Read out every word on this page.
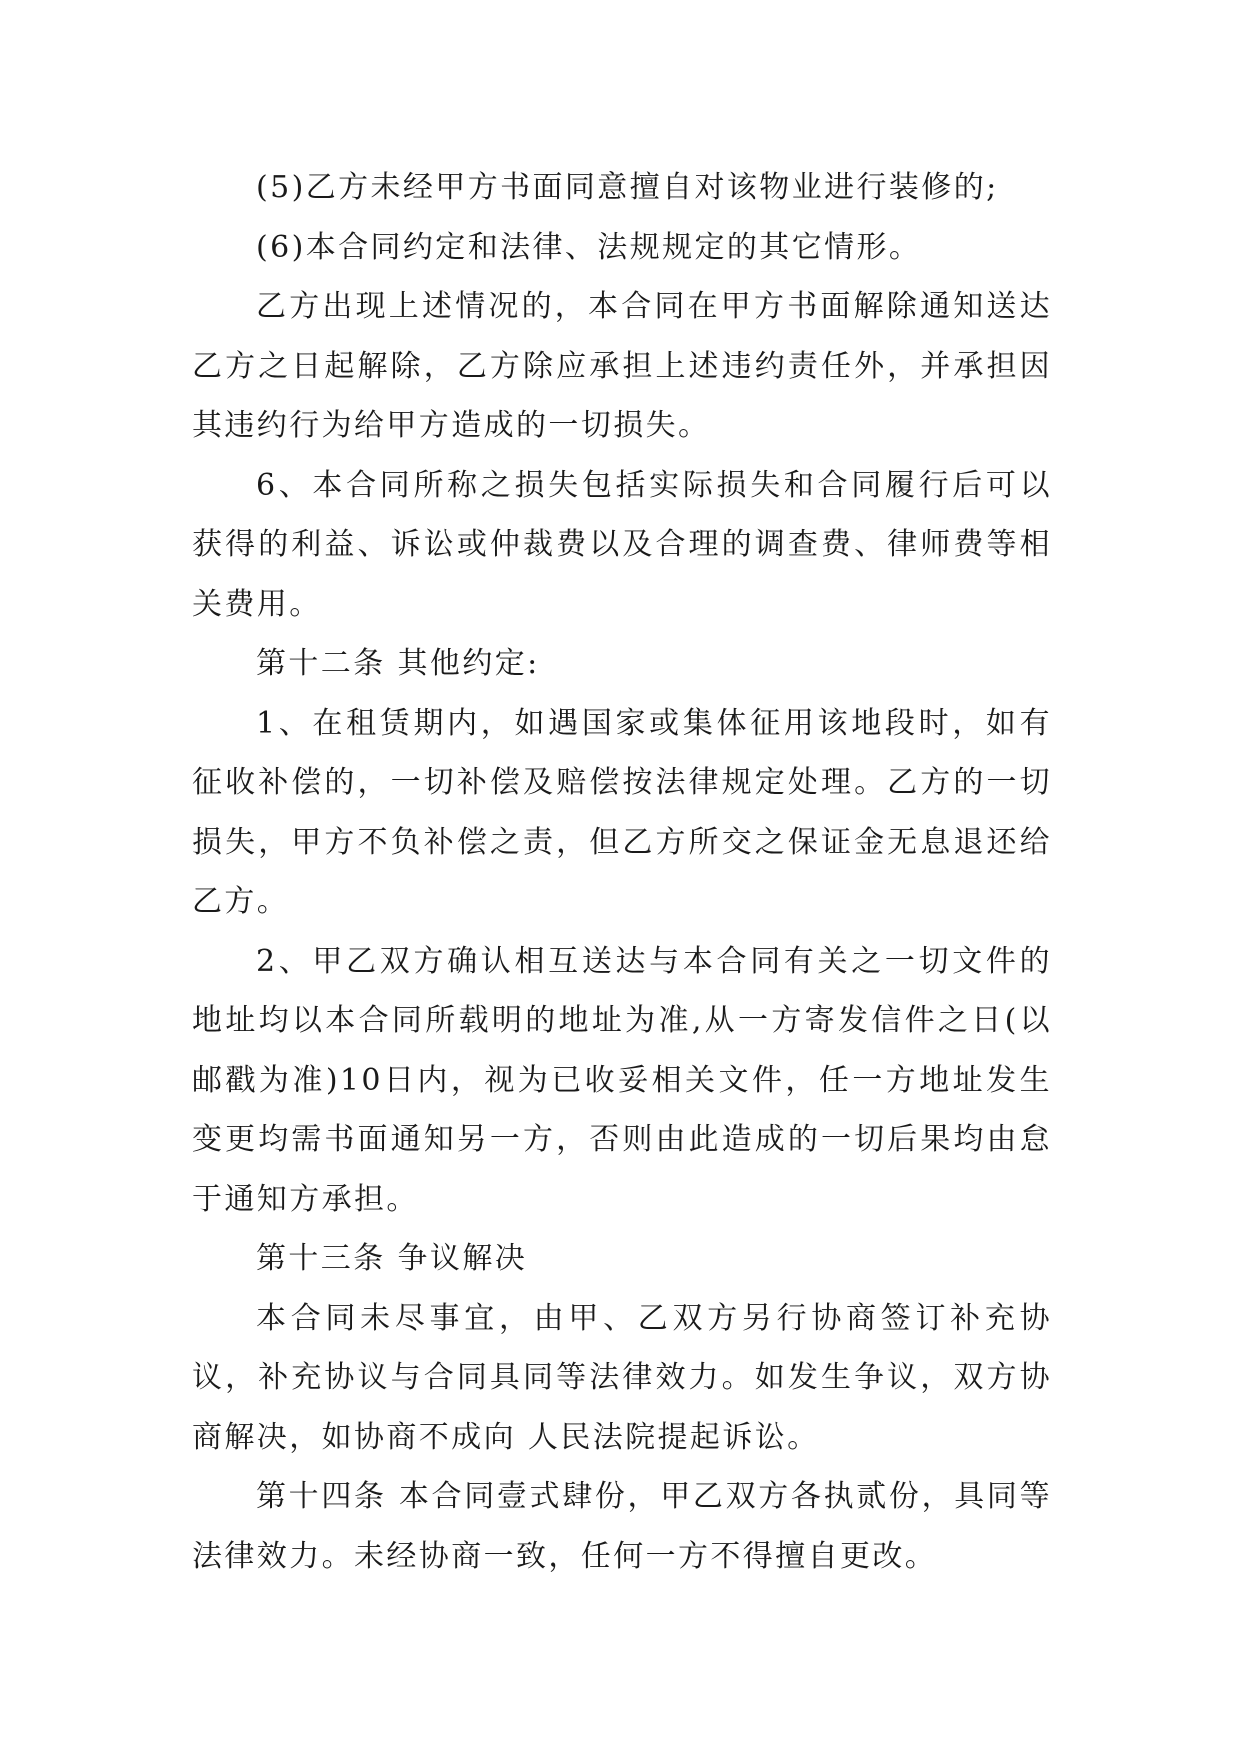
(5)乙方未经甲方书面同意擅自对该物业进行装修的;

(6)本合同约定和法律、法规规定的其它情形。

乙方出现上述情况的，本合同在甲方书面解除通知送达乙方之日起解除，乙方除应承担上述违约责任外，并承担因其违约行为给甲方造成的一切损失。

6、本合同所称之损失包括实际损失和合同履行后可以获得的利益、诉讼或仲裁费以及合理的调查费、律师费等相关费用。

第十二条 其他约定:

1、在租赁期内，如遇国家或集体征用该地段时，如有征收补偿的，一切补偿及赔偿按法律规定处理。乙方的一切损失，甲方不负补偿之责，但乙方所交之保证金无息退还给乙方。

2、甲乙双方确认相互送达与本合同有关之一切文件的地址均以本合同所载明的地址为准,从一方寄发信件之日(以邮戳为准)10日内，视为已收妥相关文件，任一方地址发生变更均需书面通知另一方，否则由此造成的一切后果均由怠于通知方承担。

第十三条 争议解决

本合同未尽事宜，由甲、乙双方另行协商签订补充协议，补充协议与合同具同等法律效力。如发生争议，双方协商解决，如协商不成向 人民法院提起诉讼。

第十四条 本合同壹式肆份，甲乙双方各执贰份，具同等法律效力。未经协商一致，任何一方不得擅自更改。
